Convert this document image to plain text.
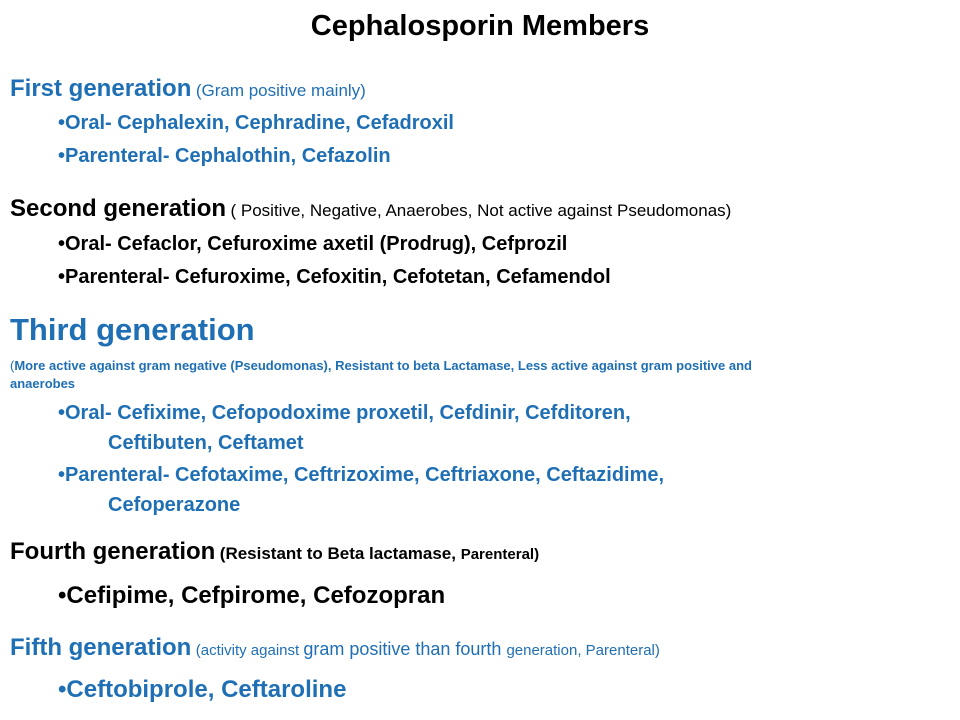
Cephalosporin Members
First generation (Gram positive mainly)
•Oral- Cephalexin, Cephradine, Cefadroxil
•Parenteral- Cephalothin, Cefazolin
Second generation ( Positive, Negative, Anaerobes, Not active against Pseudomonas)
•Oral- Cefaclor, Cefuroxime axetil (Prodrug), Cefprozil
•Parenteral- Cefuroxime, Cefoxitin, Cefotetan, Cefamendol
Third generation
(More active against gram negative (Pseudomonas), Resistant to beta Lactamase, Less active against gram positive and
anaerobes
•Oral- Cefixime, Cefopodoxime proxetil, Cefdinir, Cefditoren,
Ceftibuten, Ceftamet
•Parenteral- Cefotaxime, Ceftrizoxime, Ceftriaxone, Ceftazidime,
Cefoperazone
Fourth generation (Resistant to Beta lactamase, Parenteral)
•Cefipime, Cefpirome, Cefozopran
Fifth generation (activity against gram positive than fourth generation, Parenteral)
•Ceftobiprole, Ceftaroline
